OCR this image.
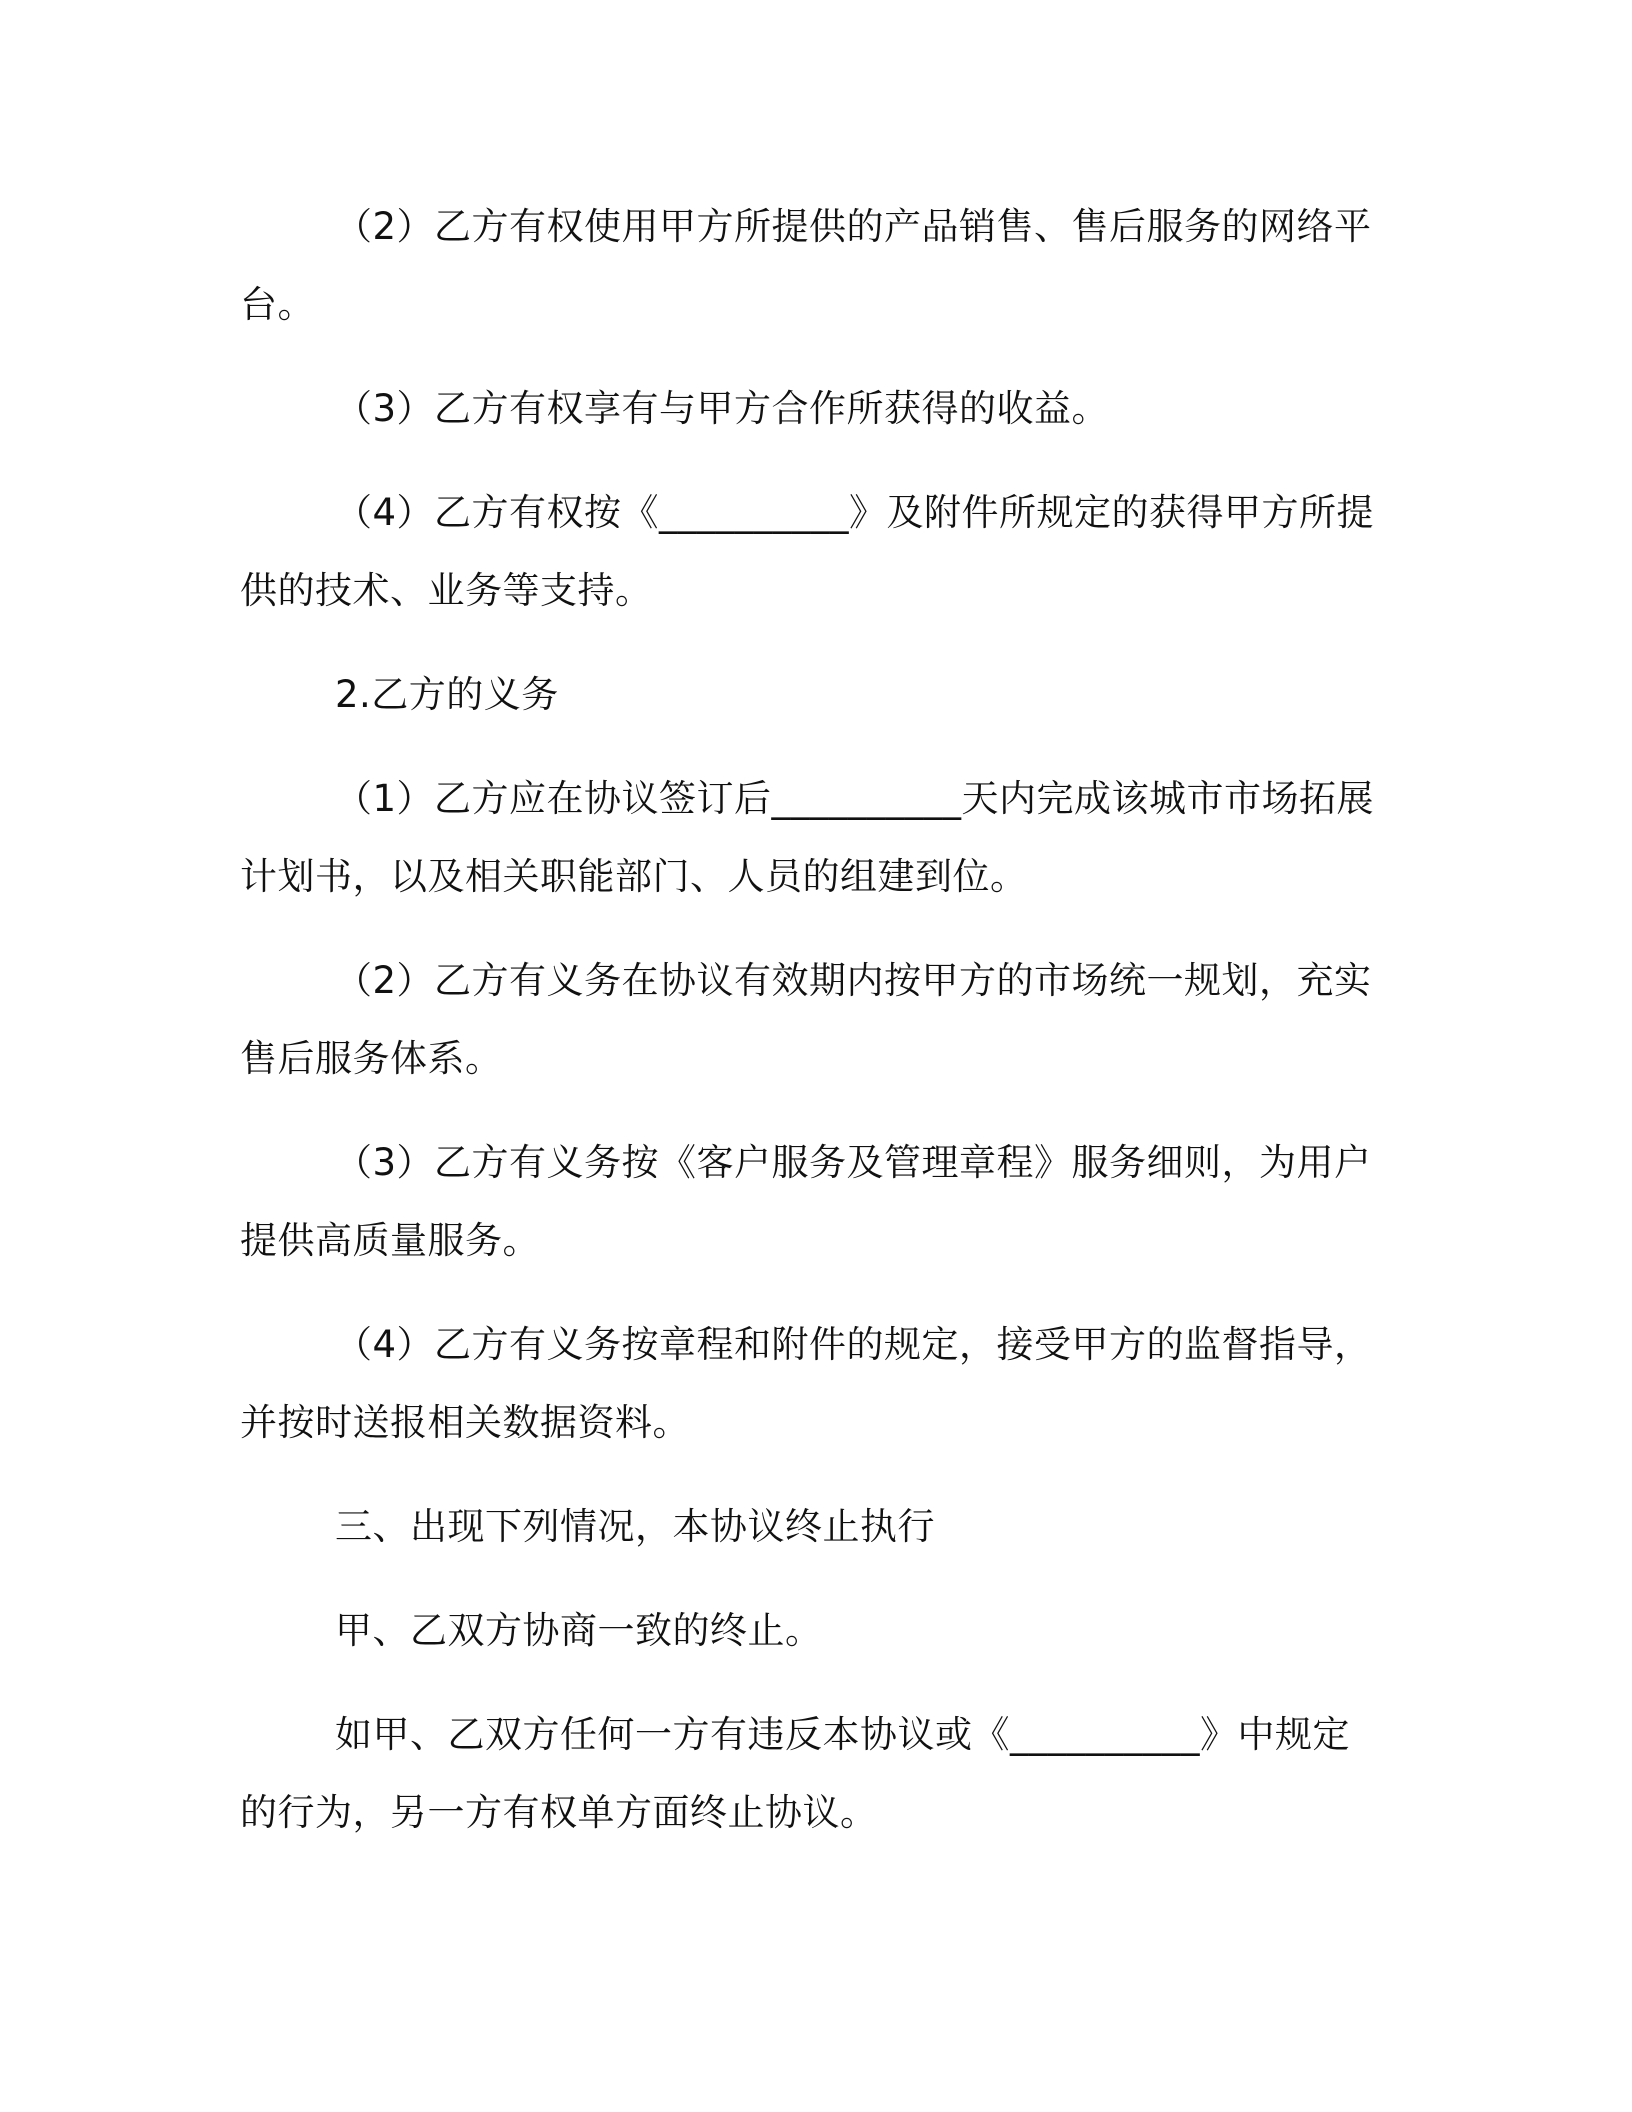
（2）乙方有权使用甲方所提供的产品销售、售后服务的网络平台。

（3）乙方有权享有与甲方合作所获得的收益。

（4）乙方有权按《__________》及附件所规定的获得甲方所提供的技术、业务等支持。

2.乙方的义务

（1）乙方应在协议签订后__________天内完成该城市市场拓展计划书，以及相关职能部门、人员的组建到位。

（2）乙方有义务在协议有效期内按甲方的市场统一规划，充实售后服务体系。

（3）乙方有义务按《客户服务及管理章程》服务细则，为用户提供高质量服务。

（4）乙方有义务按章程和附件的规定，接受甲方的监督指导，并按时送报相关数据资料。

三、出现下列情况，本协议终止执行

甲、乙双方协商一致的终止。

如甲、乙双方任何一方有违反本协议或《__________》中规定的行为，另一方有权单方面终止协议。
